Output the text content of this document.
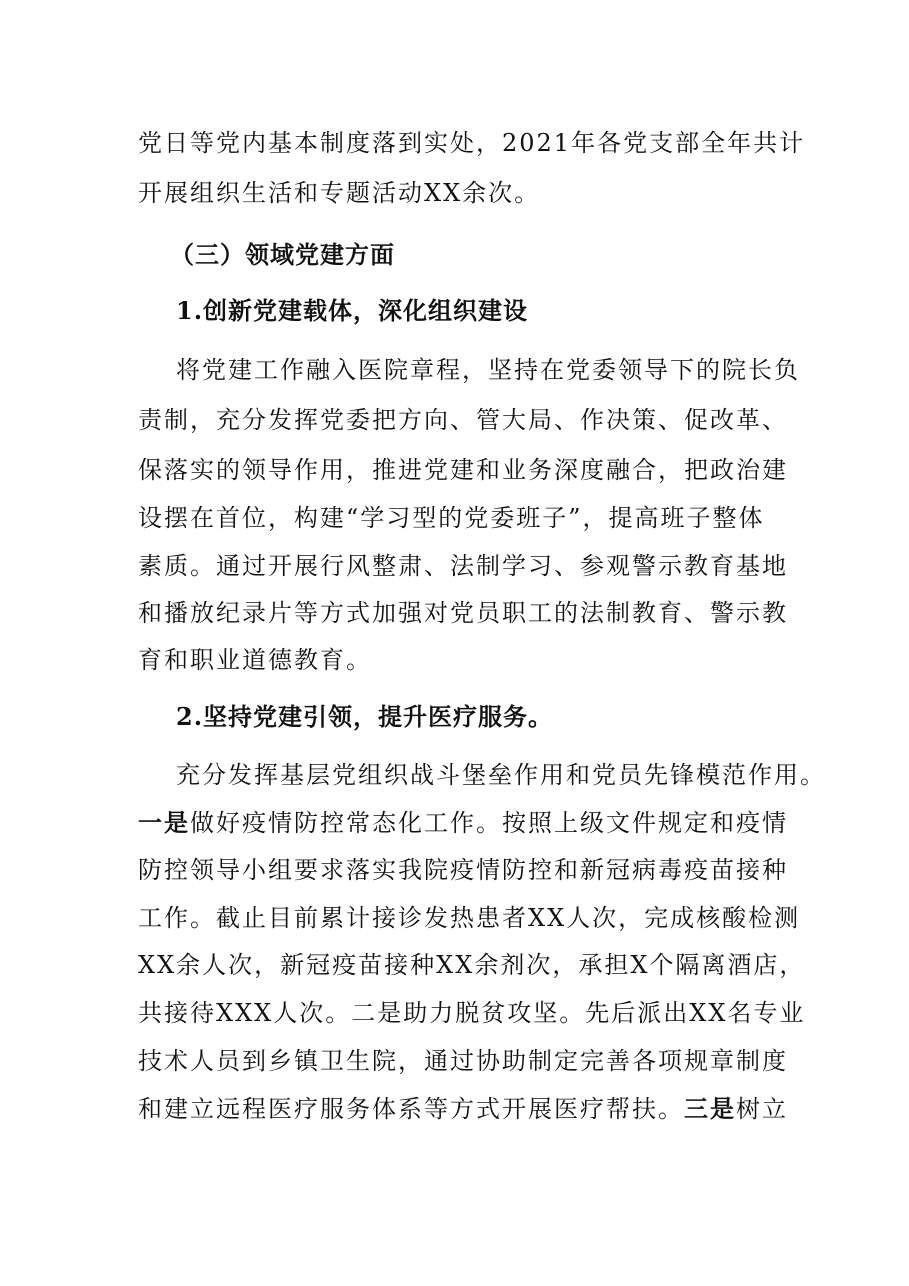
党日等党内基本制度落到实处，2021年各党支部全年共计
开展组织生活和专题活动XX余次。
（三）领域党建方面
1.创新党建载体，深化组织建设
将党建工作融入医院章程，坚持在党委领导下的院长负
责制，充分发挥党委把方向、管大局、作决策、促改革、
保落实的领导作用，推进党建和业务深度融合，把政治建
设摆在首位，构建“学习型的党委班子”，提高班子整体
素质。通过开展行风整肃、法制学习、参观警示教育基地
和播放纪录片等方式加强对党员职工的法制教育、警示教
育和职业道德教育。
2.坚持党建引领，提升医疗服务。
充分发挥基层党组织战斗堡垒作用和党员先锋模范作用。
一是做好疫情防控常态化工作。按照上级文件规定和疫情
防控领导小组要求落实我院疫情防控和新冠病毒疫苗接种
工作。截止目前累计接诊发热患者XX人次，完成核酸检测
XX余人次，新冠疫苗接种XX余剂次，承担X个隔离酒店，
共接待XXX人次。二是助力脱贫攻坚。先后派出XX名专业
技术人员到乡镇卫生院，通过协助制定完善各项规章制度
和建立远程医疗服务体系等方式开展医疗帮扶。三是树立
